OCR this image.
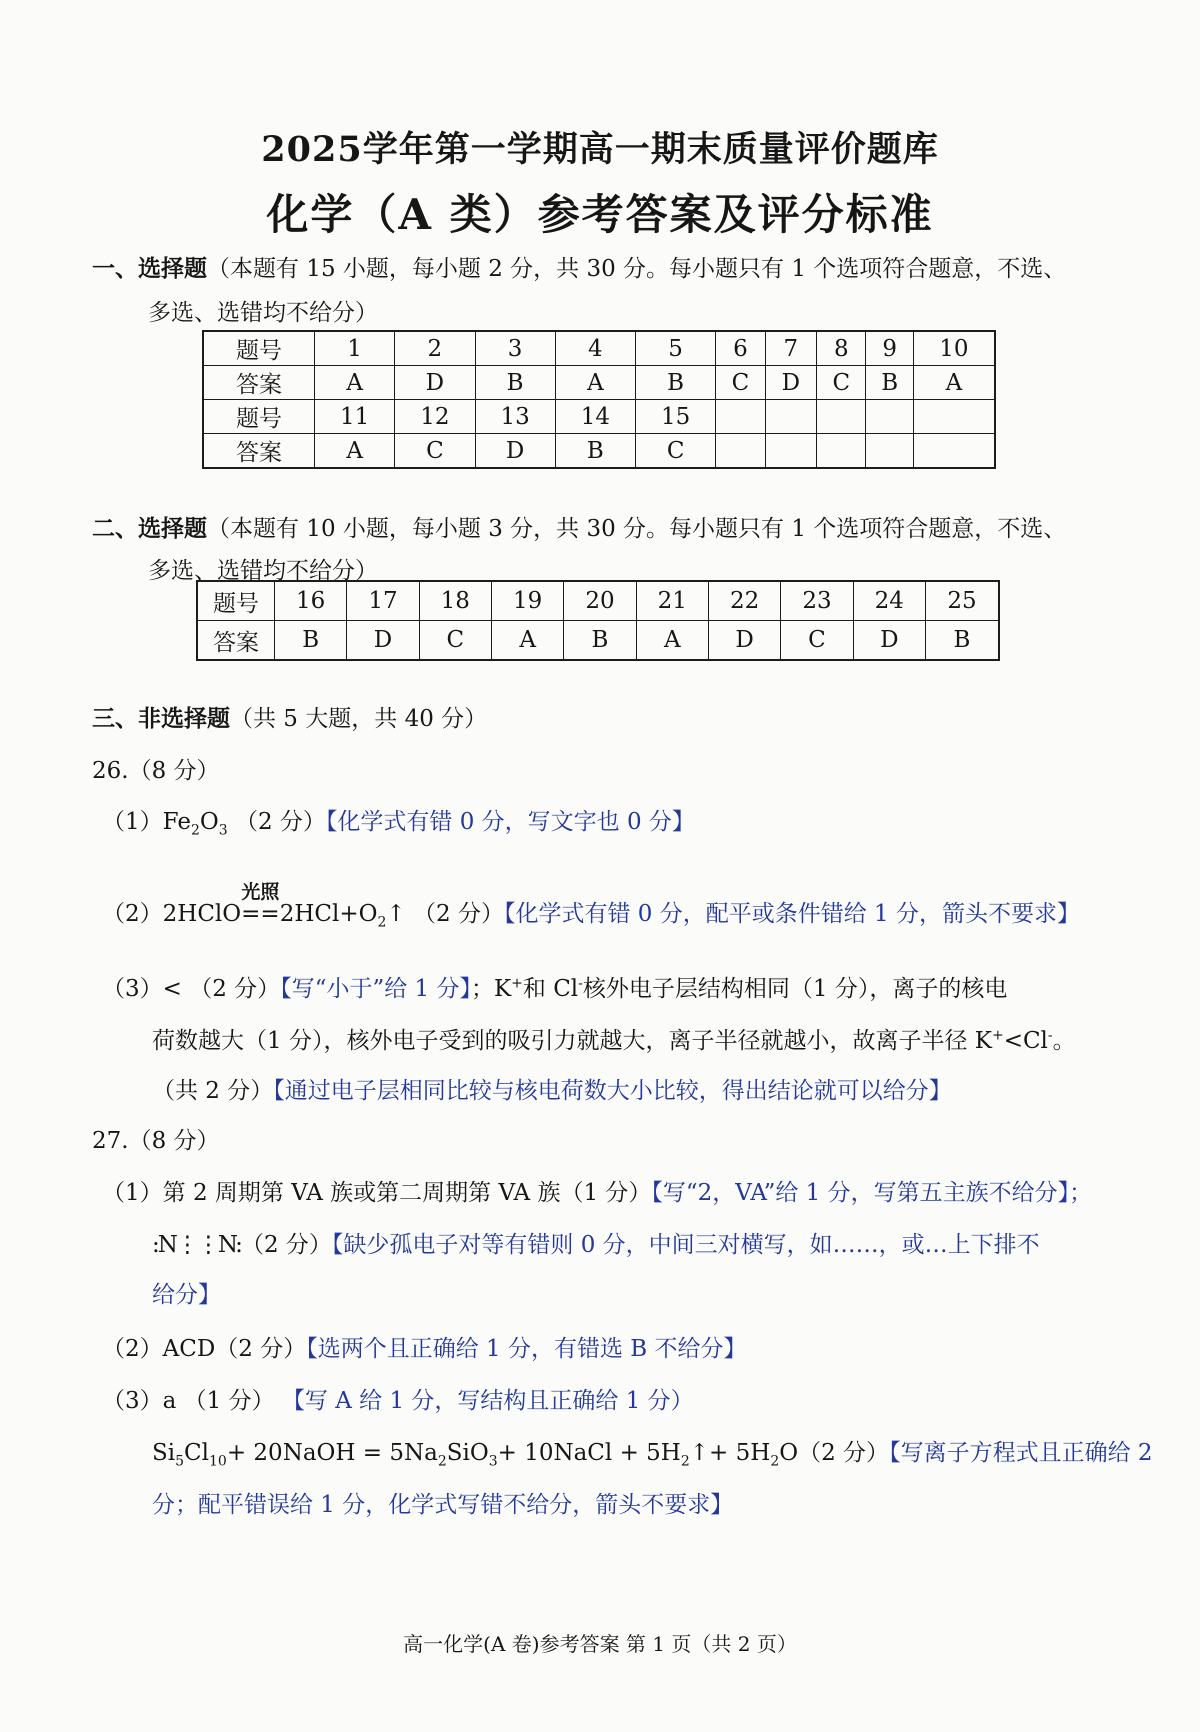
2025学年第一学期高一期末质量评价题库
化学（A 类）参考答案及评分标准
一、选择题（本题有 15 小题，每小题 2 分，共 30 分。每小题只有 1 个选项符合题意，不选、
多选、选错均不给分）
题号	1	2	3	4	5	6	7	8	9	10
答案	A	D	B	A	B	C	D	C	B	A
题号	11	12	13	14	15					
答案	A	C	D	B	C					
二、选择题（本题有 10 小题，每小题 3 分，共 30 分。每小题只有 1 个选项符合题意，不选、
多选、选错均不给分）
题号	16	17	18	19	20	21	22	23	24	25
答案	B	D	C	A	B	A	D	C	D	B
三、非选择题（共 5 大题，共 40 分）
26.（8 分）
$(1)Fe_2O_3$ （2 分）【化学式有错 0 分，写文字也 0 分】
（2）2HClO
光照
$==2HCl+O_2↑$ （2 分）【化学式有错 0 分，配平或条件错给 1 分，箭头不要求】
（3）< （2 分）【写“小于”给 1 分】；K+和 Cl-核外电子层结构相同（1 分），离子的核电
荷数越大（1 分），核外电子受到的吸引力就越大，离子半径就越小，故离子半径 K+<Cl-。
（共 2 分）【通过电子层相同比较与核电荷数大小比较，得出结论就可以给分】
27.（8 分）
（1）第 2 周期第 VA 族或第二周期第 VA 族（1 分）【写“2，VA”给 1 分，写第五主族不给分】；
:N⋮⋮N:（2 分）【缺少孤电子对等有错则 0 分，中间三对横写，如……，或…上下排不
给分】
（2）ACD（2 分）【选两个且正确给 1 分，有错选 B 不给分】
（3）a （1 分） 【写 A 给 1 分，写结构且正确给 1 分）
$Si_5Cl_{10}+$ 20NaOH = $5Na_2SiO_3+$ 10NaCl + $5H_2↑+ 5H_2O(2$ 分）【写离子方程式且正确给 2
分；配平错误给 1 分，化学式写错不给分，箭头不要求】
高一化学(A 卷)参考答案 第 1 页（共 2 页）
